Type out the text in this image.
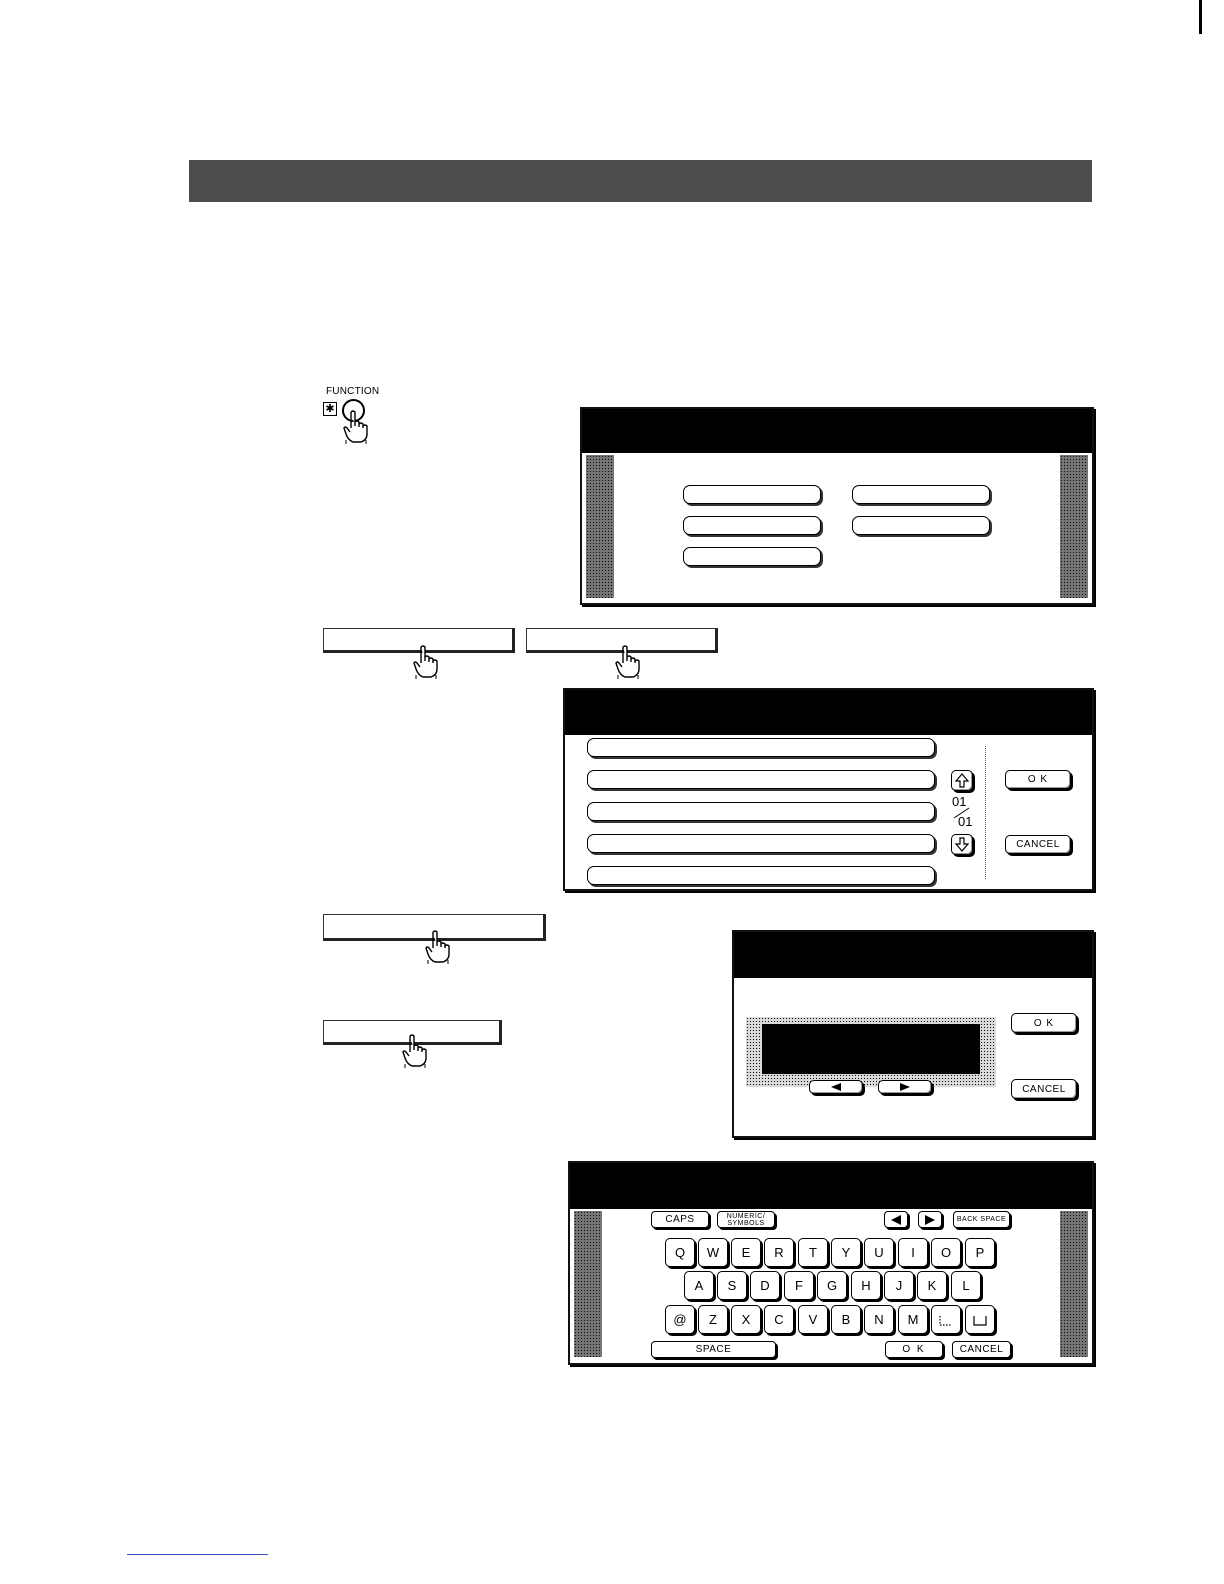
FUNCTION
✱
01
01
O K
CANCEL
O K
CANCEL
CAPS	NUMERIC/ SYMBOLS	BACK SPACE
Q	W	E	R	T	Y	U	I	O	P
A	S	D	F	G	H	J	K	L
@	Z	X	C	V	B	N	M
SPACE	O K	CANCEL
